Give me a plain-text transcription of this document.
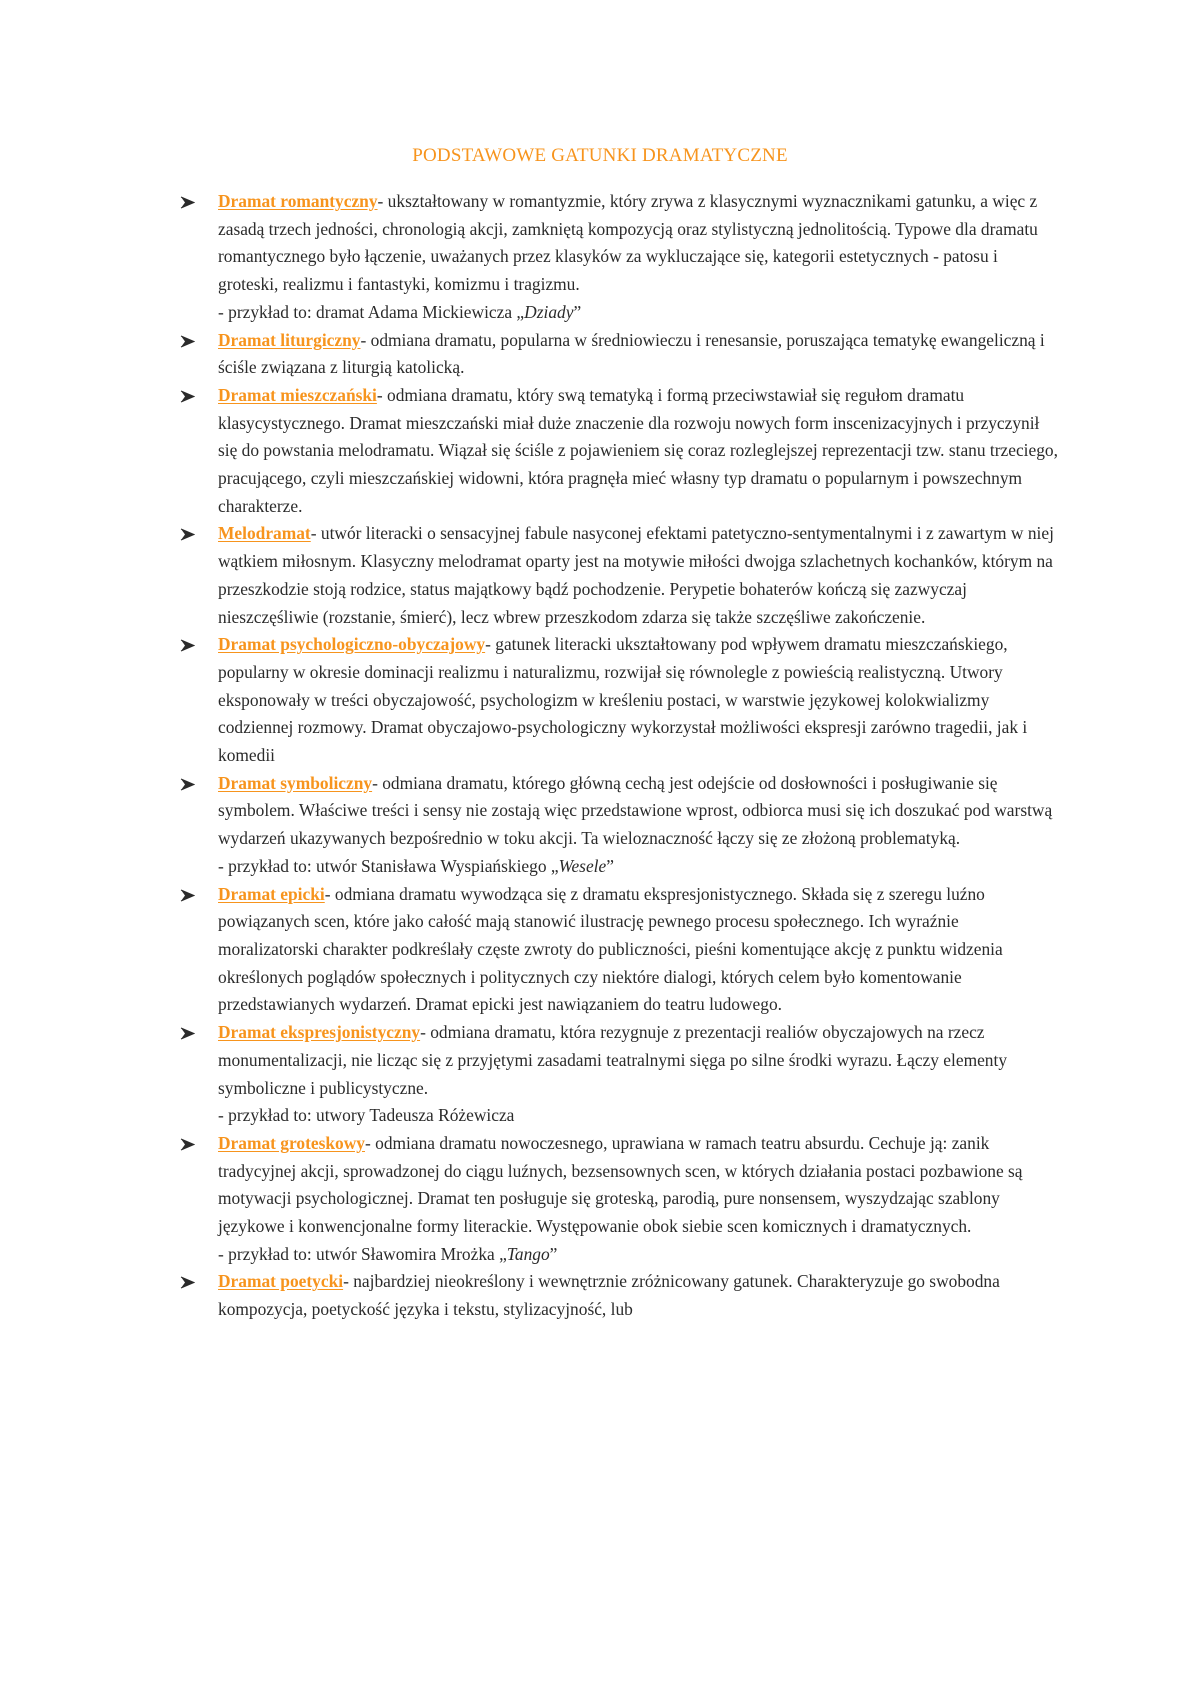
PODSTAWOWE GATUNKI DRAMATYCZNE
Dramat romantyczny- ukształtowany w romantyzmie, który zrywa z klasycznymi wyznacznikami gatunku, a więc z zasadą trzech jedności, chronologią akcji, zamkniętą kompozycją oraz stylistyczną jednolitością. Typowe dla dramatu romantycznego było łączenie, uważanych przez klasyków za wykluczające się, kategorii estetycznych - patosu i groteski, realizmu i fantastyki, komizmu i tragizmu.
- przykład to: dramat Adama Mickiewicza „Dziady”
Dramat liturgiczny- odmiana dramatu, popularna w średniowieczu i renesansie, poruszająca tematykę ewangeliczną i ściśle związana z liturgią katolicką.
Dramat mieszczański- odmiana dramatu, który swą tematyką i formą przeciwstawiał się regułom dramatu klasycystycznego. Dramat mieszczański miał duże znaczenie dla rozwoju nowych form inscenizacyjnych i przyczynił się do powstania melodramatu. Wiązał się ściśle z pojawieniem się coraz rozleglejszej reprezentacji tzw. stanu trzeciego, pracującego, czyli mieszczańskiej widowni, która pragnęła mieć własny typ dramatu o popularnym i powszechnym charakterze.
Melodramat- utwór literacki o sensacyjnej fabule nasyconej efektami patetyczno-sentymentalnymi i z zawartym w niej wątkiem miłosnym. Klasyczny melodramat oparty jest na motywie miłości dwojga szlachetnych kochanków, którym na przeszkodzie stoją rodzice, status majątkowy bądź pochodzenie. Perypetie bohaterów kończą się zazwyczaj nieszczęśliwie (rozstanie, śmierć), lecz wbrew przeszkodom zdarza się także szczęśliwe zakończenie.
Dramat psychologiczno-obyczajowy- gatunek literacki ukształtowany pod wpływem dramatu mieszczańskiego, popularny w okresie dominacji realizmu i naturalizmu, rozwijał się równolegle z powieścią realistyczną. Utwory eksponowały w treści obyczajowość, psychologizm w kreśleniu postaci, w warstwie językowej kolokwializmy codziennej rozmowy. Dramat obyczajowo-psychologiczny wykorzystał możliwości ekspresji zarówno tragedii, jak i komedii
Dramat symboliczny- odmiana dramatu, którego główną cechą jest odejście od dosłowności i posługiwanie się symbolem. Właściwe treści i sensy nie zostają więc przedstawione wprost, odbiorca musi się ich doszukać pod warstwą wydarzeń ukazywanych bezpośrednio w toku akcji. Ta wieloznaczność łączy się ze złożoną problematyką.
- przykład to: utwór Stanisława Wyspiańskiego „Wesele”
Dramat epicki- odmiana dramatu wywodząca się z dramatu ekspresjonistycznego. Składa się z szeregu luźno powiązanych scen, które jako całość mają stanowić ilustrację pewnego procesu społecznego. Ich wyraźnie moralizatorski charakter podkreślały częste zwroty do publiczności, pieśni komentujące akcję z punktu widzenia określonych poglądów społecznych i politycznych czy niektóre dialogi, których celem było komentowanie przedstawianych wydarzeń. Dramat epicki jest nawiązaniem do teatru ludowego.
Dramat ekspresjonistyczny- odmiana dramatu, która rezygnuje z prezentacji realiów obyczajowych na rzecz monumentalizacji, nie licząc się z przyjętymi zasadami teatralnymi sięga po silne środki wyrazu. Łączy elementy symboliczne i publicystyczne.
- przykład to: utwory Tadeusza Różewicza
Dramat groteskowy- odmiana dramatu nowoczesnego, uprawiana w ramach teatru absurdu. Cechuje ją: zanik tradycyjnej akcji, sprowadzonej do ciągu luźnych, bezsensownych scen, w których działania postaci pozbawione są motywacji psychologicznej. Dramat ten posługuje się groteską, parodią, pure nonsensem, wyszydzając szablony językowe i konwencjonalne formy literackie. Występowanie obok siebie scen komicznych i dramatycznych.
- przykład to: utwór Sławomira Mrożka „Tango”
Dramat poetycki- najbardziej nieokreślony i wewnętrznie zróżnicowany gatunek. Charakteryzuje go swobodna kompozycja, poetyckość języka i tekstu, stylizacyjność, lub
